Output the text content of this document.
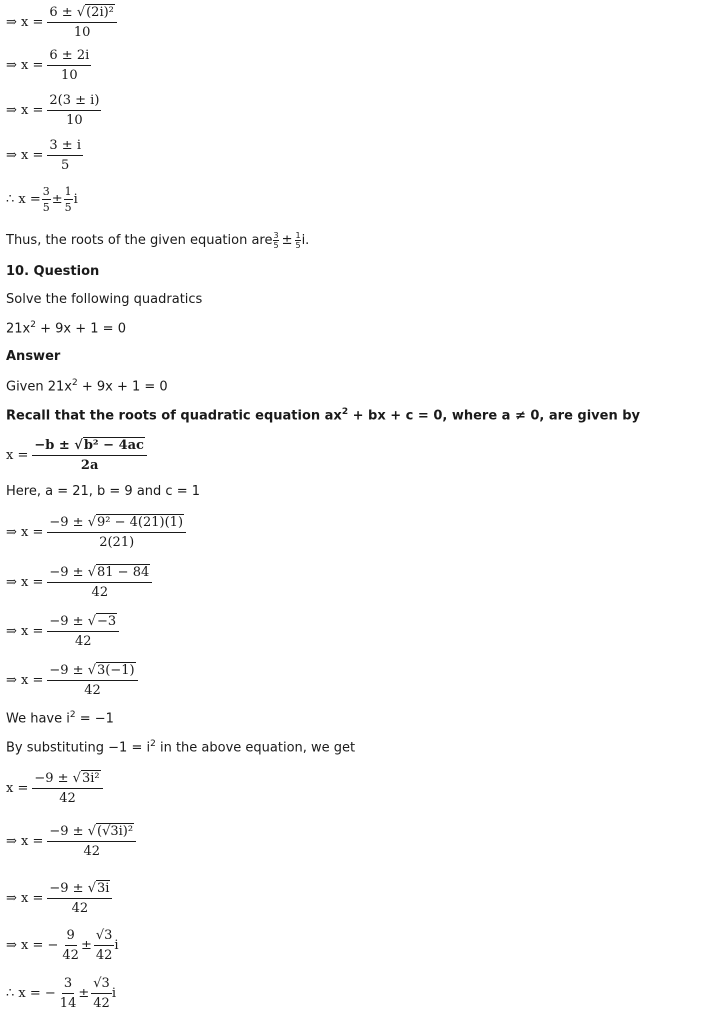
⇒ $x = \frac{\text{6 ± √(2i)²}}{10}$
⇒ $x = \frac{6 \pm 2i}{10}$
⇒ $x = \frac{2(3 \pm i)}{10}$
⇒ $x = \frac{3 \pm i}{5}$
∴ $x = \frac{3}{5} \pm \frac{1}{5}$ i
Thus, the roots of the given equation are $\frac{3}{5} \pm \frac{1}{5} i$.
10. Question
Solve the following quadratics
$21x^2 + 9x + 1 = 0$
Answer
Given $21x^2 + 9x + 1 = 0$
Recall that the roots of quadratic equation $ax^2$ + bx + c = 0, where a ≠ 0, are given by
$x = \frac{\text{−b ± √b² − 4ac}}{2a}$
Here, a = 21, b = 9 and c = 1
⇒ $x = \frac{\text{−9 ± √9² − 4(21)(1)}}{2(21)}$
⇒ $x = \frac{-9 \pm √81 - 84}{42}$
⇒ $x = \frac{-9 \pm √-3}{42}$
⇒ $x = \frac{-9 \pm √3(-1)}{42}$
We have $i^2 = -1$
By substituting $-1 = i^2$ in the above equation, we get
$x = \frac{\text{−9 ± √3i²}}{42}$
⇒ $x = \frac{\text{−9 ± √(√3i)²}}{42}$
⇒ $x = \frac{-9 \pm √3i}{42}$
⇒ x = − $\frac{9}{42} \pm \frac{√3}{42}$ i
∴ x = − $\frac{3}{14} \pm \frac{√3}{42}$ i
